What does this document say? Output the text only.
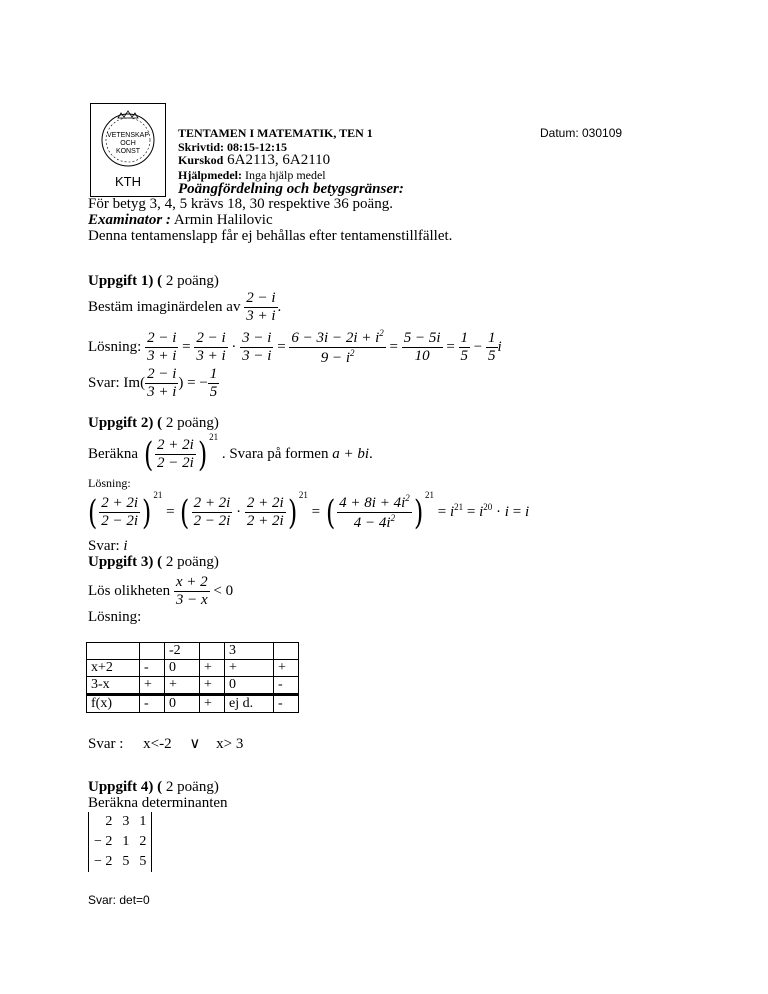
VETENSKAP
OCH
KONST
KTH
TENTAMEN I MATEMATIK, TEN 1	Datum: 030109
Skrivtid: 08:15-12:15
Kurskod 6A2113, 6A2110
Hjälpmedel: Inga hjälp medel
Poängfördelning och betygsgränser:
För betyg 3, 4, 5 krävs 18, 30 respektive 36 poäng.
Examinator : Armin Halilovic
Denna tentamenslapp får ej behållas efter tentamenstillfället.
Uppgift 1) ( 2 poäng)
Bestäm imaginärdelen av $\frac{2 - i}{3 + i}$ .
Lösning: $\frac{2 - i}{3 + i} = \frac{2 - i}{3 + i} \cdot \frac{3 - i}{3 - i} = \frac{6 - 3i - 2i + i^2}{9 - i^2} = \frac{5 - 5i}{10} = \frac{1}{5} - \frac{1}{5}$ i
Svar: $Im( \frac{2 - i}{3 + i}$ ) = − $\frac{1}{5}$
Uppgift 2) ( 2 poäng)
Beräkna ( $\frac{2 + 2i}{2 - 2i}$ ) $^{21}$ . Svara på formen a + bi.
Lösning:
( $\frac{2 + 2i}{2 - 2i}$ ) $^{21}$ = ( $\frac{2 + 2i}{2 - 2i} \cdot \frac{2 + 2i}{2 + 2i}$ ) $^{21}$ = ( $\frac{4 + 8i + 4i^2}{4 - 4i^2}$ ) $^{21} = i^{21} = i^{20} \cdot i = i$
Svar: i
Uppgift 3) ( 2 poäng)
Lös olikheten $\frac{x + 2}{3 - x} < 0$
Lösning:
		-2		3	
x+2	-	0	+	+	+
3-x	+	+	+	0	-
f(x)	-	0	+	ej d.	-
Svar : x<-2 ∨ x> 3
Uppgift 4) ( 2 poäng)
Beräkna determinanten
2	3	1
− 2	1	2
− 2	5	5
Svar: det=0
